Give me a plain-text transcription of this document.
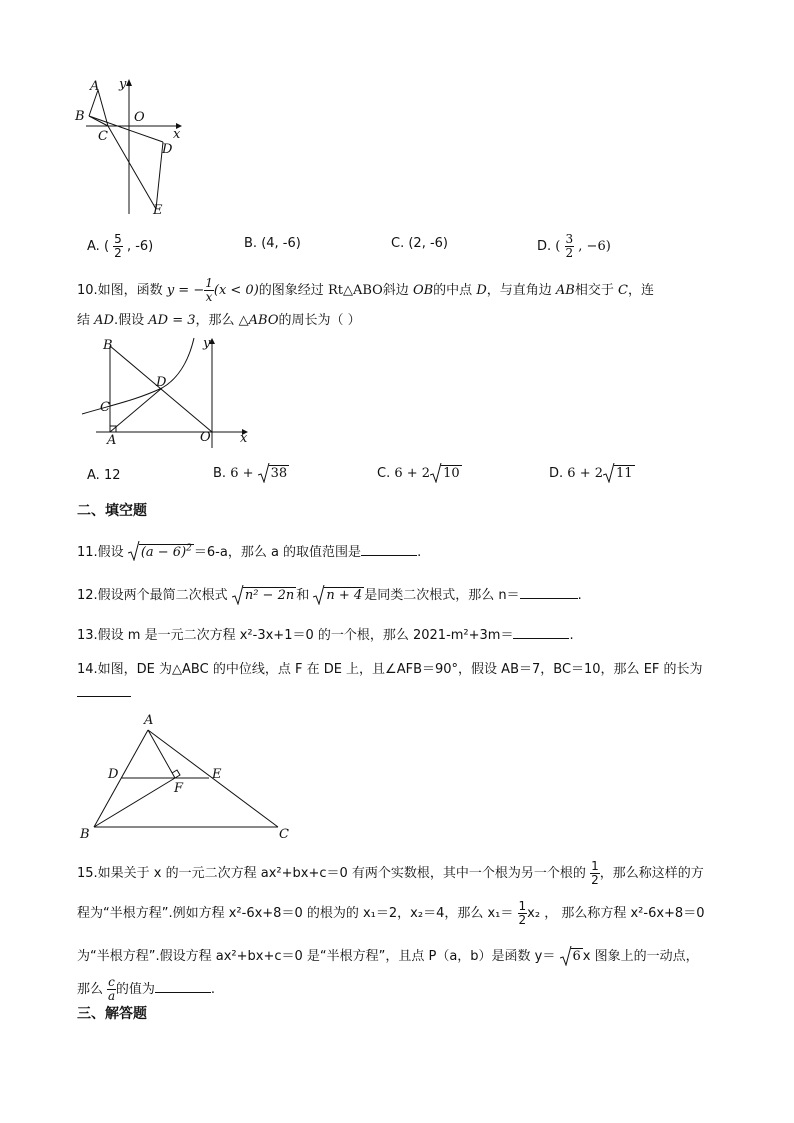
A
B
C
O
x
y
D
E
A. ( $\frac{5}{2}$ , -6)	B. (4, -6)	C. (2, -6)	D. ( $\frac{3}{2}$ , −6)
10.如图，函数 y = − $\frac{1}{x} (x < 0)$的图象经过 Rt△ABO斜边 OB的中点 D，与直角边 AB相交于 C，连
结 AD.假设 AD = 3，那么 △ABO的周长为（ ）
B
C
D
A	O x
y
A. 12	B. 6 +
38	C. 6 + 2 10	D. 6 + 2 11
二、填空题
11.假设 $(a - 6)^2 =6-a$，那么 a 的取值范围是	.
12.假设两个最简二次根式 n² − 2n 和 n + 4 是同类二次根式，那么 n＝	.
13.假设 m 是一元二次方程 x²-3x+1＝0 的一个根，那么 2021-m²+3m＝	.
14.如图，DE 为△ABC 的中位线，点 F 在 DE 上，且∠AFB＝90°，假设 AB＝7，BC＝10，那么 EF 的长为
A
D	E
F
B	C
15.如果关于 x 的一元二次方程 ax²+bx+c＝0 有两个实数根，其中一个根为另一个根的 $\frac{1}{2}$ ，那么称这样的方
程为“半根方程”.例如方程 x²-6x+8＝0 的根为的 x₁＝2，x₂＝4，那么 $x_1= \frac{1}{2} x_2$ ， 那么称方程 x²-6x+8＝0
为“半根方程”.假设方程 ax²+bx+c＝0 是“半根方程”，且点 P（a，b）是函数 y＝ 6 x 图象上的一动点，
那么 $\frac{c}{a}$ 的值为	.
三、解答题
